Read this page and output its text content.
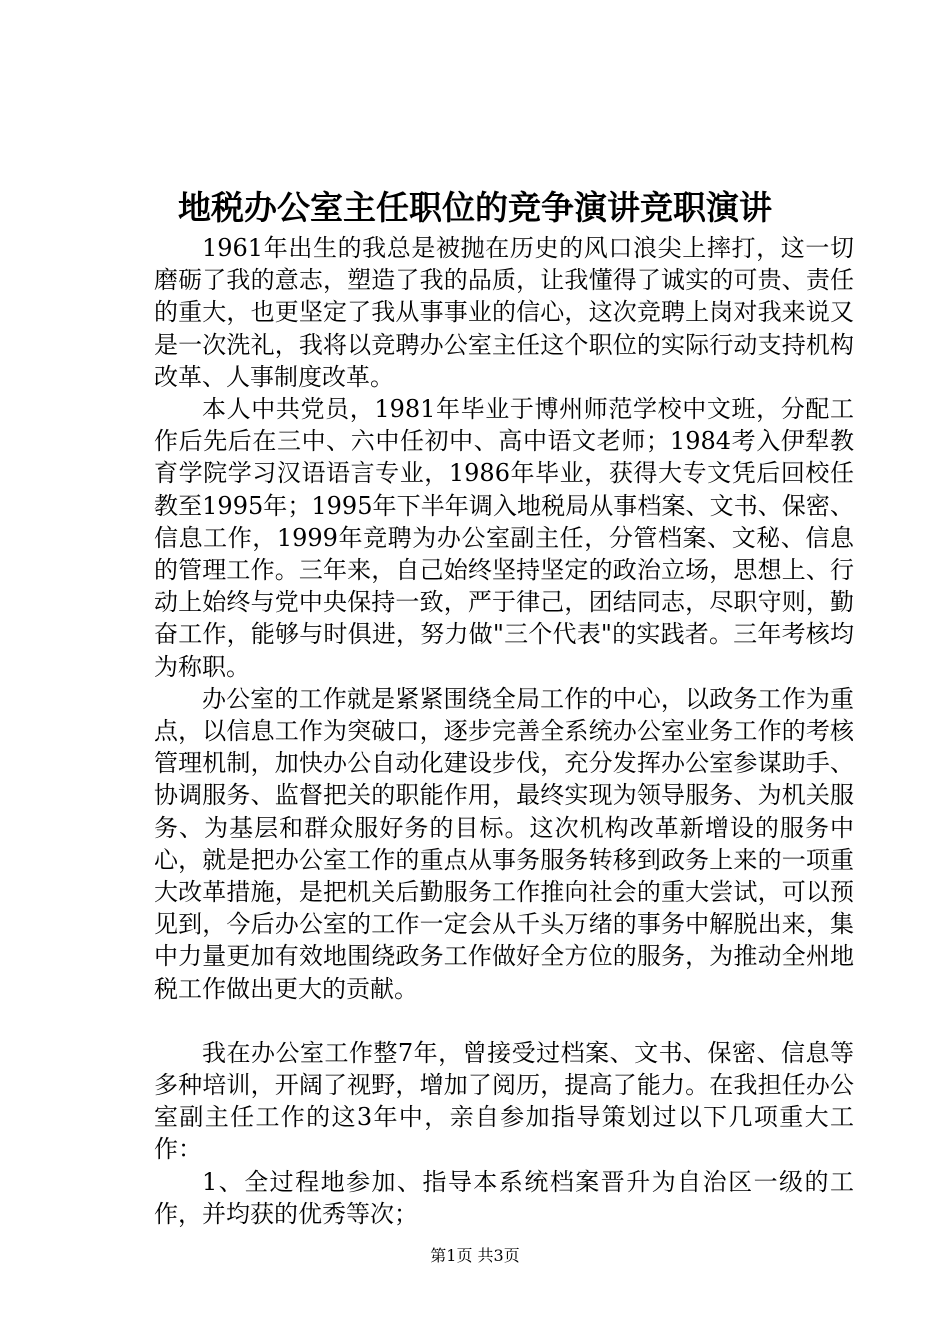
地税办公室主任职位的竞争演讲竞职演讲

1961年出生的我总是被抛在历史的风口浪尖上摔打，这一切磨砺了我的意志，塑造了我的品质，让我懂得了诚实的可贵、责任的重大，也更坚定了我从事事业的信心，这次竞聘上岗对我来说又是一次洗礼，我将以竞聘办公室主任这个职位的实际行动支持机构改革、人事制度改革。

本人中共党员，1981年毕业于博州师范学校中文班，分配工作后先后在三中、六中任初中、高中语文老师；1984考入伊犁教育学院学习汉语语言专业，1986年毕业，获得大专文凭后回校任教至1995年；1995年下半年调入地税局从事档案、文书、保密、信息工作，1999年竞聘为办公室副主任，分管档案、文秘、信息的管理工作。三年来，自己始终坚持坚定的政治立场，思想上、行动上始终与党中央保持一致，严于律己，团结同志，尽职守则，勤奋工作，能够与时俱进，努力做"三个代表"的实践者。三年考核均为称职。

办公室的工作就是紧紧围绕全局工作的中心，以政务工作为重点，以信息工作为突破口，逐步完善全系统办公室业务工作的考核管理机制，加快办公自动化建设步伐，充分发挥办公室参谋助手、协调服务、监督把关的职能作用，最终实现为领导服务、为机关服务、为基层和群众服好务的目标。这次机构改革新增设的服务中心，就是把办公室工作的重点从事务服务转移到政务上来的一项重大改革措施，是把机关后勤服务工作推向社会的重大尝试，可以预见到，今后办公室的工作一定会从千头万绪的事务中解脱出来，集中力量更加有效地围绕政务工作做好全方位的服务，为推动全州地税工作做出更大的贡献。

我在办公室工作整7年，曾接受过档案、文书、保密、信息等多种培训，开阔了视野，增加了阅历，提高了能力。在我担任办公室副主任工作的这3年中，亲自参加指导策划过以下几项重大工作：

1、全过程地参加、指导本系统档案晋升为自治区一级的工作，并均获的优秀等次；

第1页 共3页
